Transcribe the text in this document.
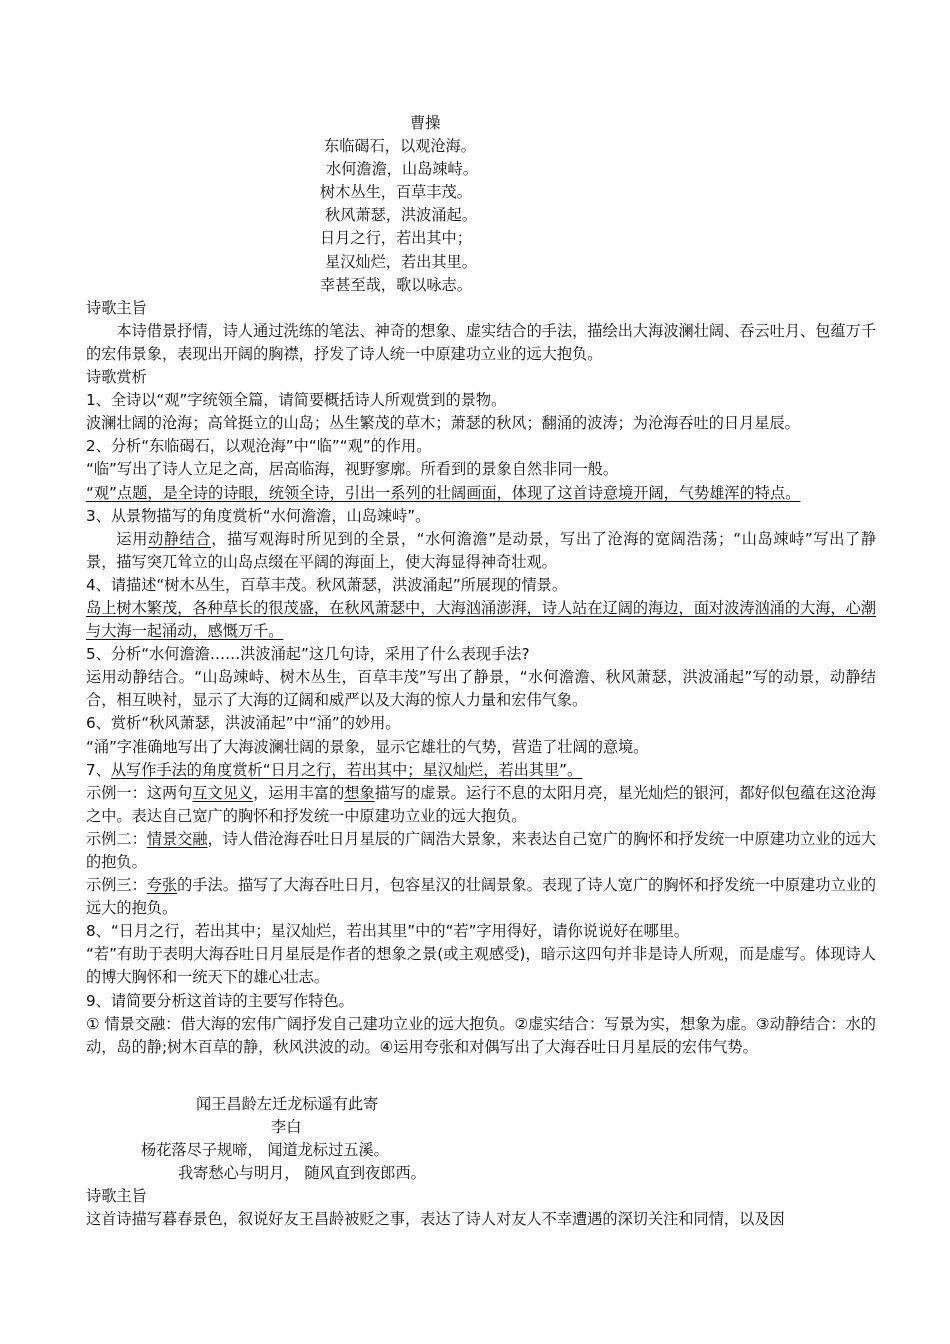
曹操
东临碣石，以观沧海。
水何澹澹，山岛竦峙。
树木丛生，百草丰茂。
秋风萧瑟，洪波涌起。
日月之行，若出其中；
星汉灿烂，若出其里。
幸甚至哉，歌以咏志。
诗歌主旨
本诗借景抒情，诗人通过洗练的笔法、神奇的想象、虚实结合的手法，描绘出大海波澜壮阔、吞云吐月、包蕴万千的宏伟景象，表现出开阔的胸襟，抒发了诗人统一中原建功立业的远大抱负。
诗歌赏析
1、全诗以“观”字统领全篇，请简要概括诗人所观赏到的景物。
波澜壮阔的沧海；高耸挺立的山岛；丛生繁茂的草木；萧瑟的秋风；翻涌的波涛；为沧海吞吐的日月星辰。
2、分析“东临碣石，以观沧海”中“临”“观”的作用。
“临”写出了诗人立足之高，居高临海，视野寥廓。所看到的景象自然非同一般。
“观”点题，是全诗的诗眼，统领全诗，引出一系列的壮阔画面，体现了这首诗意境开阔，气势雄浑的特点。
3、从景物描写的角度赏析“水何澹澹，山岛竦峙”。
运用动静结合，描写观海时所见到的全景，“水何澹澹”是动景，写出了沧海的宽阔浩荡；“山岛竦峙”写出了静景，描写突兀耸立的山岛点缀在平阔的海面上，使大海显得神奇壮观。
4、请描述“树木丛生，百草丰茂。秋风萧瑟，洪波涌起”所展现的情景。
岛上树木繁茂，各种草长的很茂盛，在秋风萧瑟中，大海汹涌澎湃，诗人站在辽阔的海边，面对波涛汹涌的大海，心潮与大海一起涌动，感慨万千。
5、分析“水何澹澹……洪波涌起”这几句诗，采用了什么表现手法?
运用动静结合。“山岛竦峙、树木丛生，百草丰茂”写出了静景，“水何澹澹、秋风萧瑟，洪波涌起”写的动景，动静结合，相互映衬，显示了大海的辽阔和威严以及大海的惊人力量和宏伟气象。
6、赏析“秋风萧瑟，洪波涌起”中“涌”的妙用。
“涌”字准确地写出了大海波澜壮阔的景象，显示它雄壮的气势，营造了壮阔的意境。
7、从写作手法的角度赏析“日月之行，若出其中；星汉灿烂，若出其里”。
示例一：这两句互文见义，运用丰富的想象描写的虚景。运行不息的太阳月亮，星光灿烂的银河，都好似包蕴在这沧海之中。表达自己宽广的胸怀和抒发统一中原建功立业的远大抱负。
示例二：情景交融，诗人借沧海吞吐日月星辰的广阔浩大景象，来表达自己宽广的胸怀和抒发统一中原建功立业的远大的抱负。
示例三：夸张的手法。描写了大海吞吐日月，包容星汉的壮阔景象。表现了诗人宽广的胸怀和抒发统一中原建功立业的远大的抱负。
8、“日月之行，若出其中；星汉灿烂，若出其里”中的“若”字用得好，请你说说好在哪里。
“若”有助于表明大海吞吐日月星辰是作者的想象之景(或主观感受)，暗示这四句并非是诗人所观，而是虚写。体现诗人的博大胸怀和一统天下的雄心壮志。
9、请简要分析这首诗的主要写作特色。
① 情景交融：借大海的宏伟广阔抒发自己建功立业的远大抱负。②虚实结合：写景为实，想象为虚。③动静结合：水的动，岛的静;树木百草的静，秋风洪波的动。④运用夸张和对偶写出了大海吞吐日月星辰的宏伟气势。
闻王昌龄左迁龙标遥有此寄
李白
杨花落尽子规啼， 闻道龙标过五溪。
我寄愁心与明月， 随风直到夜郎西。
诗歌主旨
这首诗描写暮春景色，叙说好友王昌龄被贬之事，表达了诗人对友人不幸遭遇的深切关注和同情，以及因
